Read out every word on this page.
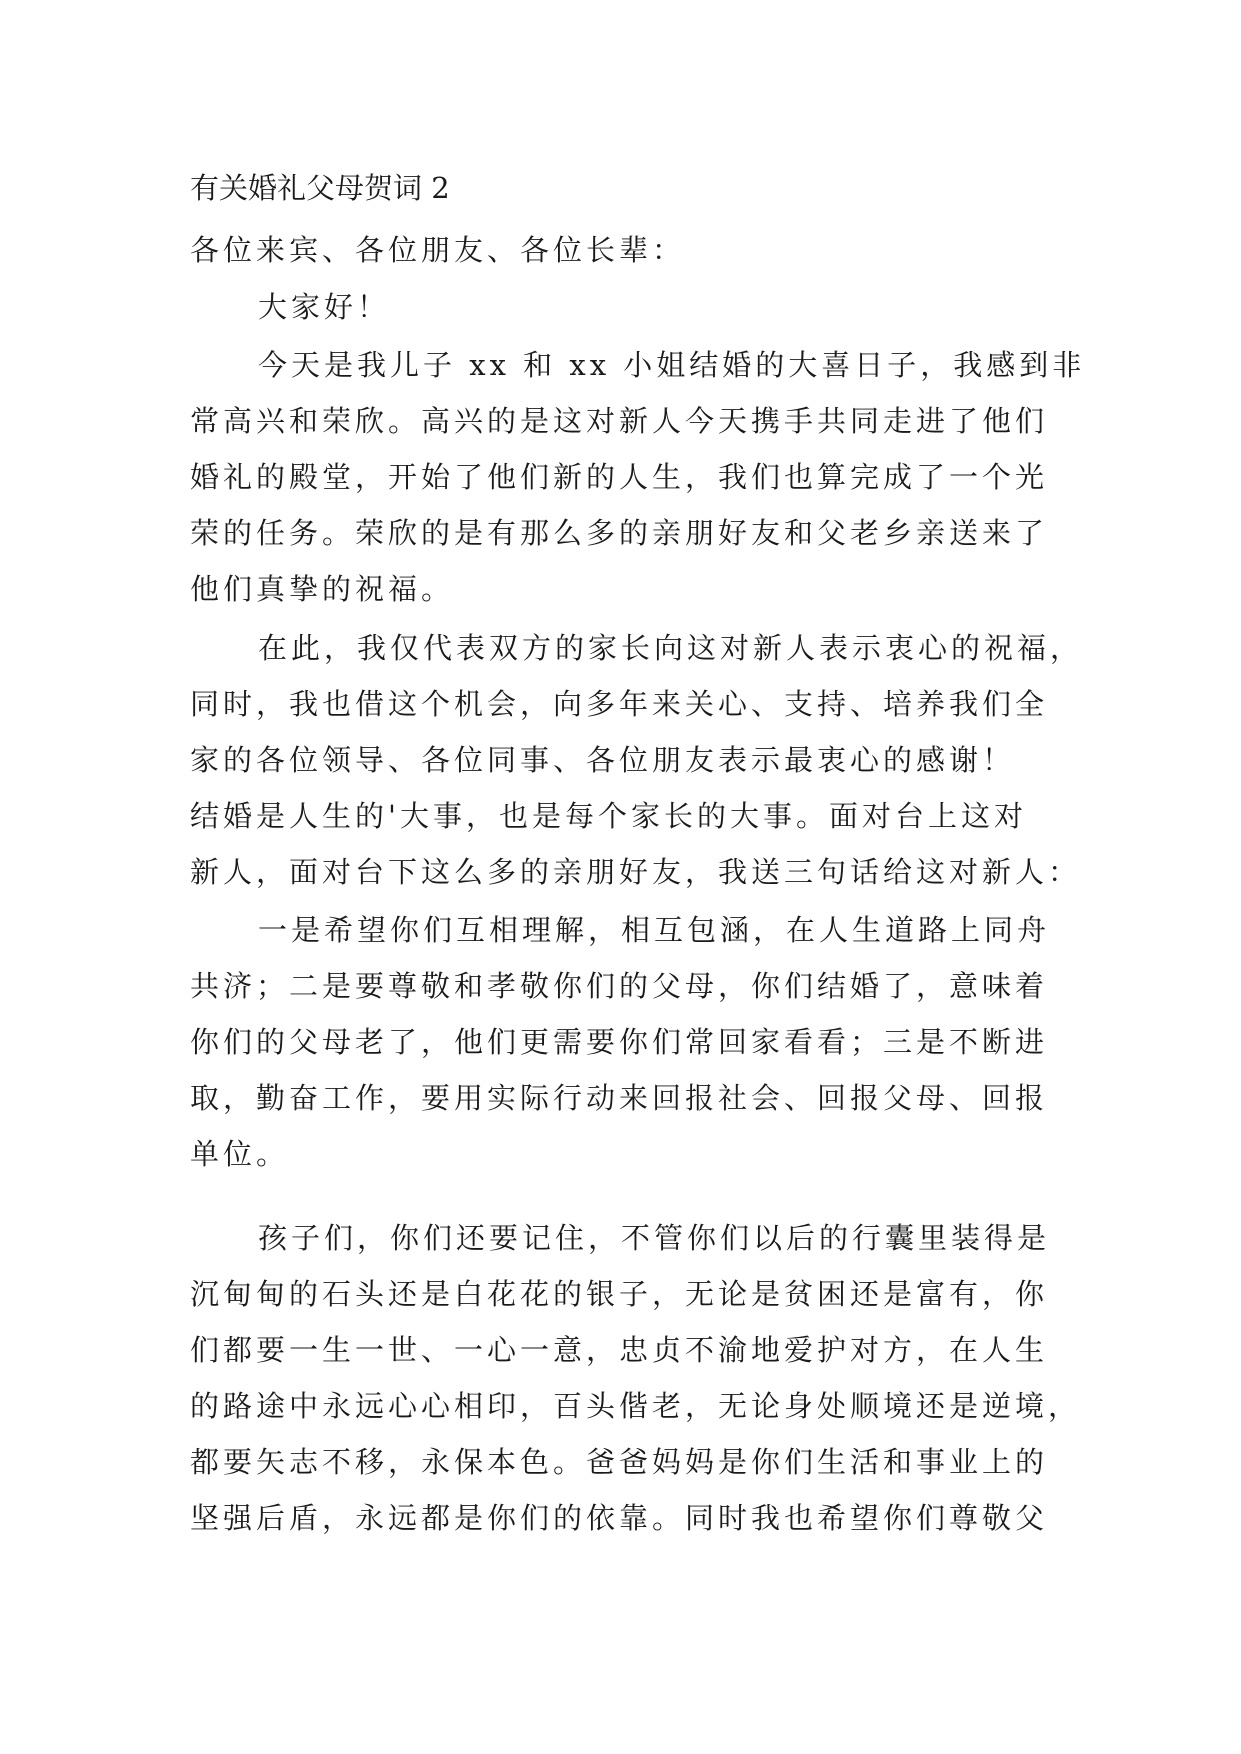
有关婚礼父母贺词 2

各位来宾、各位朋友、各位长辈：

大家好！

今天是我儿子 xx 和 xx 小姐结婚的大喜日子，我感到非

常高兴和荣欣。高兴的是这对新人今天携手共同走进了他们

婚礼的殿堂，开始了他们新的人生，我们也算完成了一个光

荣的任务。荣欣的是有那么多的亲朋好友和父老乡亲送来了

他们真挚的祝福。

在此，我仅代表双方的家长向这对新人表示衷心的祝福，

同时，我也借这个机会，向多年来关心、支持、培养我们全

家的各位领导、各位同事、各位朋友表示最衷心的感谢！

结婚是人生的'大事，也是每个家长的大事。面对台上这对

新人，面对台下这么多的亲朋好友，我送三句话给这对新人：

一是希望你们互相理解，相互包涵，在人生道路上同舟

共济；二是要尊敬和孝敬你们的父母，你们结婚了，意味着

你们的父母老了，他们更需要你们常回家看看；三是不断进

取，勤奋工作，要用实际行动来回报社会、回报父母、回报

单位。

孩子们，你们还要记住，不管你们以后的行囊里装得是

沉甸甸的石头还是白花花的银子，无论是贫困还是富有，你

们都要一生一世、一心一意，忠贞不渝地爱护对方，在人生

的路途中永远心心相印，百头偕老，无论身处顺境还是逆境，

都要矢志不移，永保本色。爸爸妈妈是你们生活和事业上的

坚强后盾，永远都是你们的依靠。同时我也希望你们尊敬父
